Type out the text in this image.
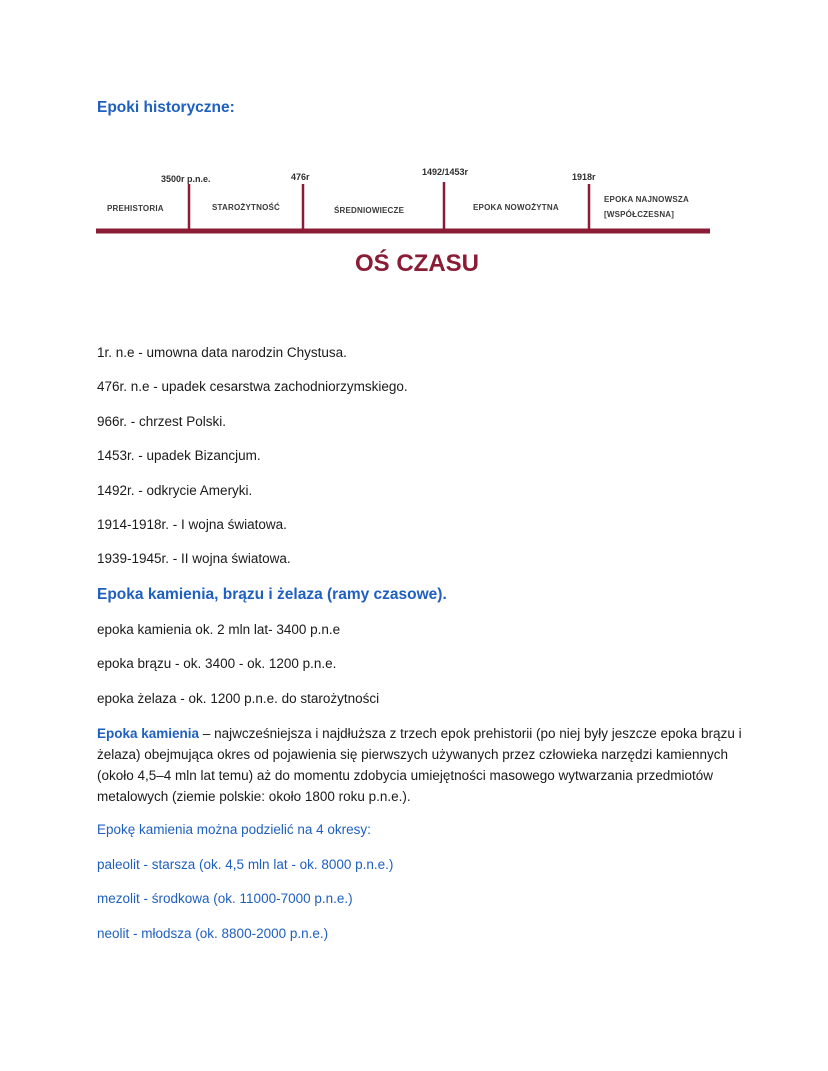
Epoki historyczne:
3500r p.n.e.	476r	1492/1453r	1918r
PREHISTORIA	STAROŻYTNOŚĆ	ŚREDNIOWIECZE	EPOKA NOWOŻYTNA
EPOKA NAJNOWSZA
[WSPÓŁCZESNA]
OŚ CZASU

1r. n.e - umowna data narodzin Chystusa.

476r. n.e - upadek cesarstwa zachodniorzymskiego.

966r. - chrzest Polski.

1453r. - upadek Bizancjum.

1492r. - odkrycie Ameryki.

1914-1918r. - I wojna światowa.

1939-1945r. - II wojna światowa.

Epoka kamienia, brązu i żelaza (ramy czasowe).

epoka kamienia ok. 2 mln lat- 3400 p.n.e

epoka brązu - ok. 3400 - ok. 1200 p.n.e.

epoka żelaza - ok. 1200 p.n.e. do starożytności

Epoka kamienia – najwcześniejsza i najdłuższa z trzech epok prehistorii (po niej były jeszcze epoka brązu i żelaza) obejmująca okres od pojawienia się pierwszych używanych przez człowieka narzędzi kamiennych (około 4,5–4 mln lat temu) aż do momentu zdobycia umiejętności masowego wytwarzania przedmiotów metalowych (ziemie polskie: około 1800 roku p.n.e.).

Epokę kamienia można podzielić na 4 okresy:

paleolit - starsza (ok. 4,5 mln lat - ok. 8000 p.n.e.)

mezolit - środkowa (ok. 11000-7000 p.n.e.)

neolit - młodsza (ok. 8800-2000 p.n.e.)
